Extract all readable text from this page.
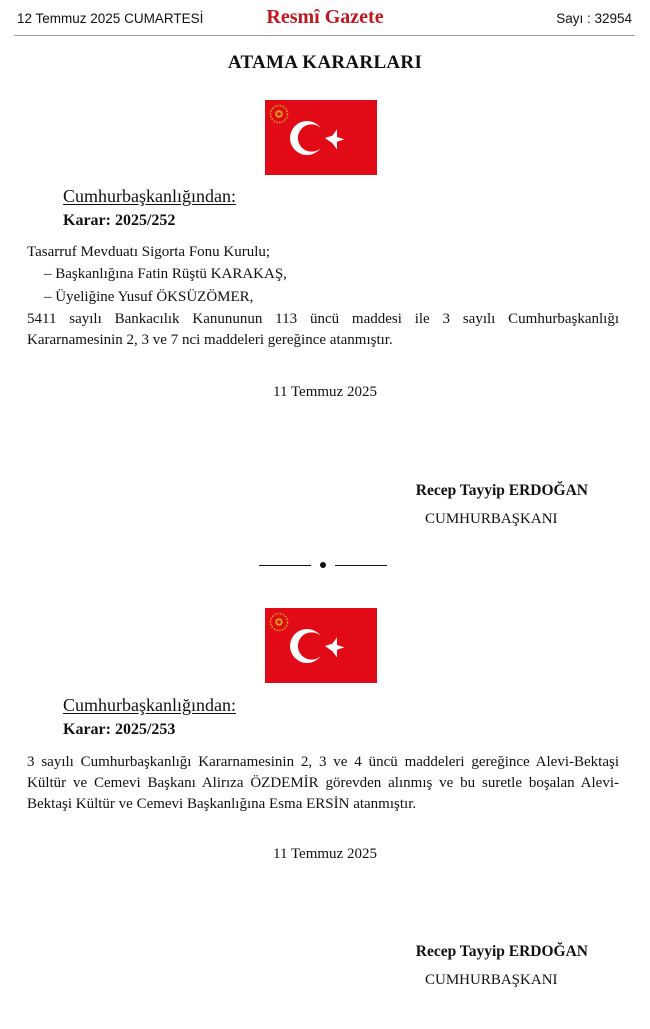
12 Temmuz 2025 CUMARTESİ	Resmî Gazete	Sayı : 32954
ATAMA KARARLARI
Cumhurbaşkanlığından:
Karar: 2025/252
Tasarruf Mevduatı Sigorta Fonu Kurulu;
– Başkanlığına Fatin Rüştü KARAKAŞ,
– Üyeliğine Yusuf ÖKSÜZÖMER,
5411 sayılı Bankacılık Kanununun 113 üncü maddesi ile 3 sayılı Cumhurbaşkanlığı Kararnamesinin 2, 3 ve 7 nci maddeleri gereğince atanmıştır.
11 Temmuz 2025
Recep Tayyip ERDOĞAN
CUMHURBAŞKANI
Cumhurbaşkanlığından:
Karar: 2025/253
3 sayılı Cumhurbaşkanlığı Kararnamesinin 2, 3 ve 4 üncü maddeleri gereğince Alevi-Bektaşi Kültür ve Cemevi Başkanı Alirıza ÖZDEMİR görevden alınmış ve bu suretle boşalan Alevi-Bektaşi Kültür ve Cemevi Başkanlığına Esma ERSİN atanmıştır.
11 Temmuz 2025
Recep Tayyip ERDOĞAN
CUMHURBAŞKANI
